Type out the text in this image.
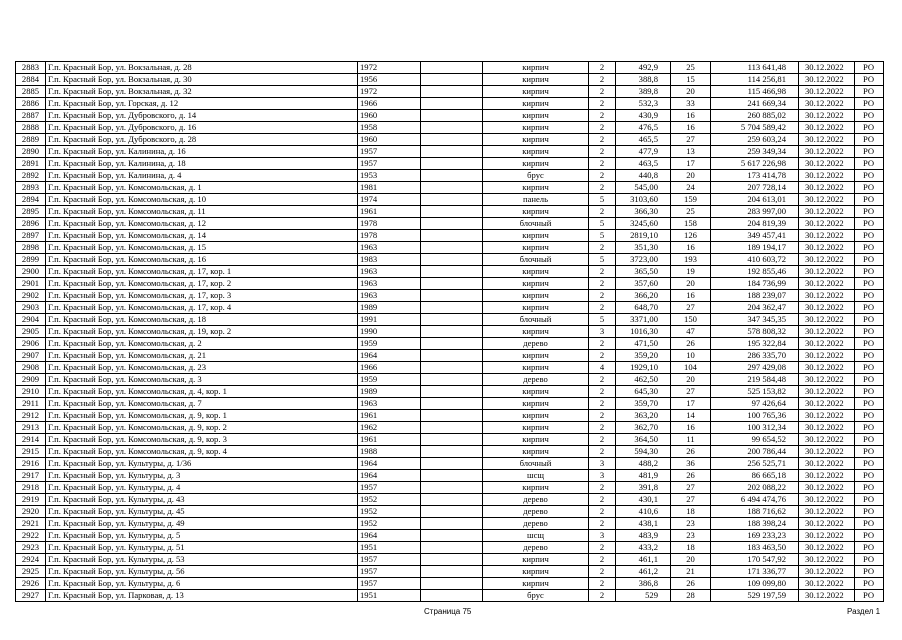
2883	Г.п. Красный Бор, ул. Вокзальная, д. 28	1972		кирпич	2	492,9	25	113 641,48	30.12.2022	РО
2884	Г.п. Красный Бор, ул. Вокзальная, д. 30	1956		кирпич	2	388,8	15	114 256,81	30.12.2022	РО
2885	Г.п. Красный Бор, ул. Вокзальная, д. 32	1972		кирпич	2	389,8	20	115 466,98	30.12.2022	РО
2886	Г.п. Красный Бор, ул. Горская, д. 12	1966		кирпич	2	532,3	33	241 669,34	30.12.2022	РО
2887	Г.п. Красный Бор, ул. Дубровского, д. 14	1960		кирпич	2	430,9	16	260 885,02	30.12.2022	РО
2888	Г.п. Красный Бор, ул. Дубровского, д. 16	1958		кирпич	2	476,5	16	5 704 589,42	30.12.2022	РО
2889	Г.п. Красный Бор, ул. Дубровского, д. 28	1960		кирпич	2	465,5	27	259 603,24	30.12.2022	РО
2890	Г.п. Красный Бор, ул. Калинина, д. 16	1957		кирпич	2	477,9	13	259 349,34	30.12.2022	РО
2891	Г.п. Красный Бор, ул. Калинина, д. 18	1957		кирпич	2	463,5	17	5 617 226,98	30.12.2022	РО
2892	Г.п. Красный Бор, ул. Калинина, д. 4	1953		брус	2	440,8	20	173 414,78	30.12.2022	РО
2893	Г.п. Красный Бор, ул. Комсомольская, д. 1	1981		кирпич	2	545,00	24	207 728,14	30.12.2022	РО
2894	Г.п. Красный Бор, ул. Комсомольская, д. 10	1974		панель	5	3103,60	159	204 613,01	30.12.2022	РО
2895	Г.п. Красный Бор, ул. Комсомольская, д. 11	1961		кирпич	2	366,30	25	283 997,00	30.12.2022	РО
2896	Г.п. Красный Бор, ул. Комсомольская, д. 12	1978		блочный	5	3245,60	158	204 819,39	30.12.2022	РО
2897	Г.п. Красный Бор, ул. Комсомольская, д. 14	1978		кирпич	5	2819,10	126	349 457,41	30.12.2022	РО
2898	Г.п. Красный Бор, ул. Комсомольская, д. 15	1963		кирпич	2	351,30	16	189 194,17	30.12.2022	РО
2899	Г.п. Красный Бор, ул. Комсомольская, д. 16	1983		блочный	5	3723,00	193	410 603,72	30.12.2022	РО
2900	Г.п. Красный Бор, ул. Комсомольская, д. 17, кор. 1	1963		кирпич	2	365,50	19	192 855,46	30.12.2022	РО
2901	Г.п. Красный Бор, ул. Комсомольская, д. 17, кор. 2	1963		кирпич	2	357,60	20	184 736,99	30.12.2022	РО
2902	Г.п. Красный Бор, ул. Комсомольская, д. 17, кор. 3	1963		кирпич	2	366,20	16	188 239,07	30.12.2022	РО
2903	Г.п. Красный Бор, ул. Комсомольская, д. 17, кор. 4	1989		кирпич	2	648,70	27	204 362,47	30.12.2022	РО
2904	Г.п. Красный Бор, ул. Комсомольская, д. 18	1991		блочный	5	3371,00	150	347 345,35	30.12.2022	РО
2905	Г.п. Красный Бор, ул. Комсомольская, д. 19, кор. 2	1990		кирпич	3	1016,30	47	578 808,32	30.12.2022	РО
2906	Г.п. Красный Бор, ул. Комсомольская, д. 2	1959		дерево	2	471,50	26	195 322,84	30.12.2022	РО
2907	Г.п. Красный Бор, ул. Комсомольская, д. 21	1964		кирпич	2	359,20	10	286 335,70	30.12.2022	РО
2908	Г.п. Красный Бор, ул. Комсомольская, д. 23	1966		кирпич	4	1929,10	104	297 429,08	30.12.2022	РО
2909	Г.п. Красный Бор, ул. Комсомольская, д. 3	1959		дерево	2	462,50	20	219 584,48	30.12.2022	РО
2910	Г.п. Красный Бор, ул. Комсомольская, д. 4, кор. 1	1989		кирпич	2	645,30	27	525 153,82	30.12.2022	РО
2911	Г.п. Красный Бор, ул. Комсомольская, д. 7	1963		кирпич	2	359,70	17	97 426,64	30.12.2022	РО
2912	Г.п. Красный Бор, ул. Комсомольская, д. 9, кор. 1	1961		кирпич	2	363,20	14	100 765,36	30.12.2022	РО
2913	Г.п. Красный Бор, ул. Комсомольская, д. 9, кор. 2	1962		кирпич	2	362,70	16	100 312,34	30.12.2022	РО
2914	Г.п. Красный Бор, ул. Комсомольская, д. 9, кор. 3	1961		кирпич	2	364,50	11	99 654,52	30.12.2022	РО
2915	Г.п. Красный Бор, ул. Комсомольская, д. 9, кор. 4	1988		кирпич	2	594,30	26	200 786,44	30.12.2022	РО
2916	Г.п. Красный Бор, ул. Культуры, д. 1/36	1964		блочный	3	488,2	36	256 525,71	30.12.2022	РО
2917	Г.п. Красный Бор, ул. Культуры, д. 3	1964		шсщ	3	481,9	26	86 665,18	30.12.2022	РО
2918	Г.п. Красный Бор, ул. Культуры, д. 4	1957		кирпич	2	391,8	27	202 088,22	30.12.2022	РО
2919	Г.п. Красный Бор, ул. Культуры, д. 43	1952		дерево	2	430,1	27	6 494 474,76	30.12.2022	РО
2920	Г.п. Красный Бор, ул. Культуры, д. 45	1952		дерево	2	410,6	18	188 716,62	30.12.2022	РО
2921	Г.п. Красный Бор, ул. Культуры, д. 49	1952		дерево	2	438,1	23	188 398,24	30.12.2022	РО
2922	Г.п. Красный Бор, ул. Культуры, д. 5	1964		шсщ	3	483,9	23	169 233,23	30.12.2022	РО
2923	Г.п. Красный Бор, ул. Культуры, д. 51	1951		дерево	2	433,2	18	183 463,50	30.12.2022	РО
2924	Г.п. Красный Бор, ул. Культуры, д. 53	1957		кирпич	2	461,1	20	170 547,92	30.12.2022	РО
2925	Г.п. Красный Бор, ул. Культуры, д. 56	1957		кирпич	2	461,2	21	171 336,77	30.12.2022	РО
2926	Г.п. Красный Бор, ул. Культуры, д. 6	1957		кирпич	2	386,8	26	109 099,80	30.12.2022	РО
2927	Г.п. Красный Бор, ул. Парковая, д. 13	1951		брус	2	529	28	529 197,59	30.12.2022	РО
Страница 75	Раздел 1
